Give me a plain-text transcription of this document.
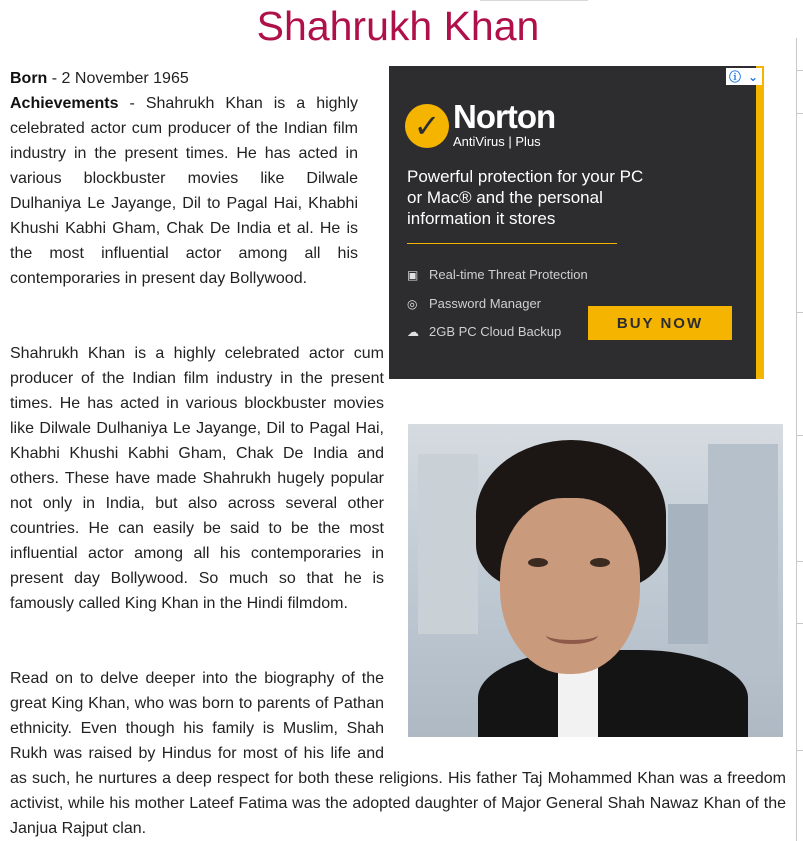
Shahrukh Khan

Born - 2 November 1965
Achievements - Shahrukh Khan is a highly celebrated actor cum producer of the Indian film industry in the present times. He has acted in various blockbuster movies like Dilwale Dulhaniya Le Jayange, Dil to Pagal Hai, Khabhi Khushi Kabhi Gham, Chak De India et al. He is the most influential actor among all his contemporaries in present day Bollywood.

Shahrukh Khan is a highly celebrated actor cum producer of the Indian film industry in the present times. He has acted in various blockbuster movies like Dilwale Dulhaniya Le Jayange, Dil to Pagal Hai, Khabhi Khushi Kabhi Gham, Chak De India and others. These have made Shahrukh hugely popular not only in India, but also across several other countries. He can easily be said to be the most influential actor among all his contemporaries in present day Bollywood. So much so that he is famously called King Khan in the Hindi filmdom.

Read on to delve deeper into the biography of the great King Khan, who was born to parents of Pathan ethnicity. Even though his family is Muslim, Shah Rukh was raised by Hindus for most of his life and as such, he nurtures a deep respect for both these religions. His father Taj Mohammed Khan was a freedom activist, while his mother Lateef Fatima was the adopted daughter of Major General Shah Nawaz Khan of the Janjua Rajput clan.

ⓘ ⌄
✓ Norton
AntiVirus | Plus
Powerful protection for your PC or Mac® and the personal information it stores
▣ Real-time Threat Protection
◎ Password Manager
☁ 2GB PC Cloud Backup	BUY NOW
